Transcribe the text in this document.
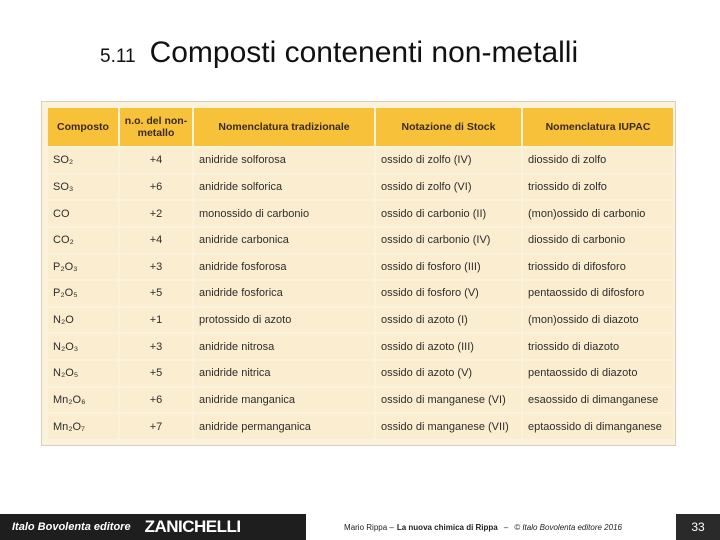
5.11 Composti contenenti non-metalli
Composto	n.o. del non-metallo	Nomenclatura tradizionale	Notazione di Stock	Nomenclatura IUPAC
SO₂	+4	anidride solforosa	ossido di zolfo (IV)	diossido di zolfo
SO₃	+6	anidride solforica	ossido di zolfo (VI)	triossido di zolfo
CO	+2	monossido di carbonio	ossido di carbonio (II)	(mon)ossido di carbonio
CO₂	+4	anidride carbonica	ossido di carbonio (IV)	diossido di carbonio
P₂O₃	+3	anidride fosforosa	ossido di fosforo (III)	triossido di difosforo
P₂O₅	+5	anidride fosforica	ossido di fosforo (V)	pentaossido di difosforo
N₂O	+1	protossido di azoto	ossido di azoto (I)	(mon)ossido di diazoto
N₂O₃	+3	anidride nitrosa	ossido di azoto (III)	triossido di diazoto
N₂O₅	+5	anidride nitrica	ossido di azoto (V)	pentaossido di diazoto
Mn₂O₆	+6	anidride manganica	ossido di manganese (VI)	esaossido di dimanganese
Mn₂O₇	+7	anidride permanganica	ossido di manganese (VII)	eptaossido di dimanganese
Italo Bovolenta editore ZANICHELLI	Mario Rippa – La nuova chimica di Rippa – © Italo Bovolenta editore 2016	33
